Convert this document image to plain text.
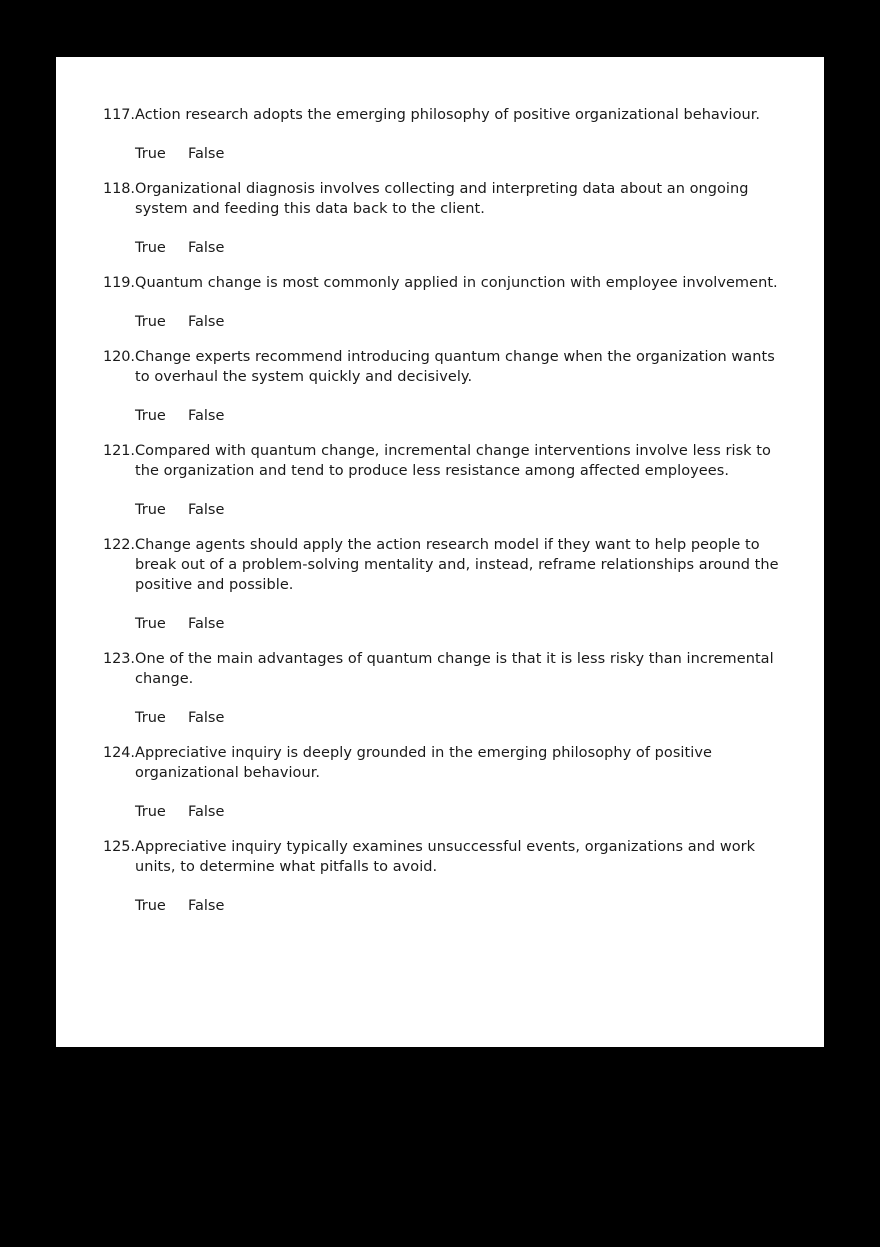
117. Action research adopts the emerging philosophy of positive organizational behaviour.

True	False
118. Organizational diagnosis involves collecting and interpreting data about an ongoing system and feeding this data back to the client.

True	False
119. Quantum change is most commonly applied in conjunction with employee involvement.

True	False
120. Change experts recommend introducing quantum change when the organization wants to overhaul the system quickly and decisively.

True	False
121. Compared with quantum change, incremental change interventions involve less risk to the organization and tend to produce less resistance among affected employees.

True	False
122. Change agents should apply the action research model if they want to help people to break out of a problem-solving mentality and, instead, reframe relationships around the positive and possible.

True	False
123. One of the main advantages of quantum change is that it is less risky than incremental change.

True	False
124. Appreciative inquiry is deeply grounded in the emerging philosophy of positive organizational behaviour.

True	False
125. Appreciative inquiry typically examines unsuccessful events, organizations and work units, to determine what pitfalls to avoid.

True	False
